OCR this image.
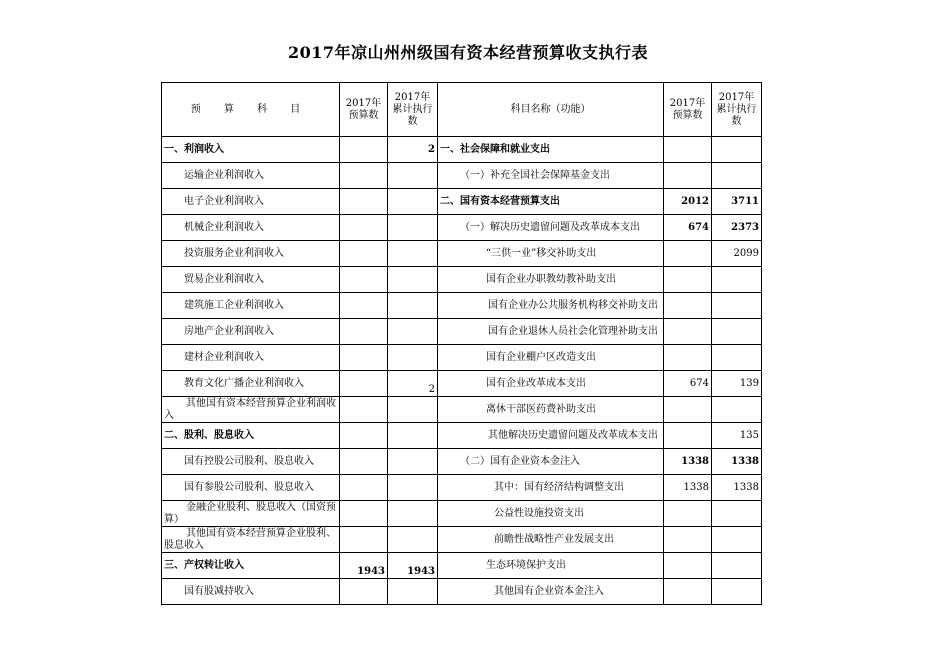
2017年凉山州州级国有资本经营预算收支执行表
预 算 科 目	2017年预算数	2017年累计执行数	科目名称（功能）	2017年预算数	2017年累计执行数
一、利润收入		2	一、社会保障和就业支出		
运输企业利润收入			（一）补充全国社会保障基金支出		
电子企业利润收入			二、国有资本经营预算支出	2012	3711
机械企业利润收入			（一）解决历史遗留问题及改革成本支出	674	2373
投资服务企业利润收入			“三供一业”移交补助支出		2099
贸易企业利润收入			国有企业办职教幼教补助支出		
建筑施工企业利润收入			国有企业办公共服务机构移交补助支出		
房地产企业利润收入			国有企业退休人员社会化管理补助支出		
建材企业利润收入			国有企业棚户区改造支出		
教育文化广播企业利润收入		2	国有企业改革成本支出	674	139
其他国有资本经营预算企业利润收入			离休干部医药费补助支出		
二、股利、股息收入			其他解决历史遗留问题及改革成本支出		135
国有控股公司股利、股息收入			（二）国有企业资本金注入	1338	1338
国有参股公司股利、股息收入			其中：国有经济结构调整支出	1338	1338
金融企业股利、股息收入（国资预算）			公益性设施投资支出		
其他国有资本经营预算企业股利、股息收入			前瞻性战略性产业发展支出		
三、产权转让收入	1943	1943	生态环境保护支出		
国有股减持收入			其他国有企业资本金注入		
